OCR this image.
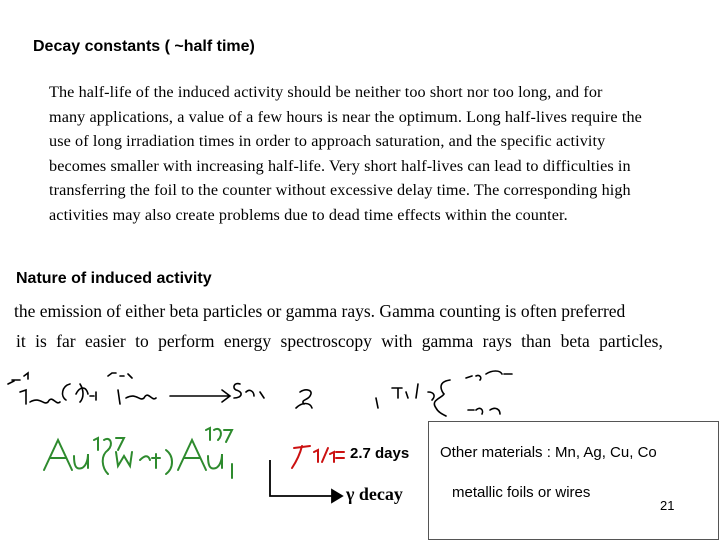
Decay constants ( ~half time)
The half-life of the induced activity should be neither too short nor too long, and for
many applications, a value of a few hours is near the optimum. Long half-lives require the
use of long irradiation times in order to approach saturation, and the specific activity
becomes smaller with increasing half-life. Very short half-lives can lead to difficulties in
transferring the foil to the counter without excessive delay time. The corresponding high
activities may also create problems due to dead time effects within the counter.
Nature of induced activity
the emission of either beta particles or gamma rays. Gamma counting is often preferred
it is far easier to perform energy spectroscopy with gamma rays than beta particles,
2.7 days
γ decay
Other materials : Mn, Ag, Cu, Co
metallic foils or wires
21
